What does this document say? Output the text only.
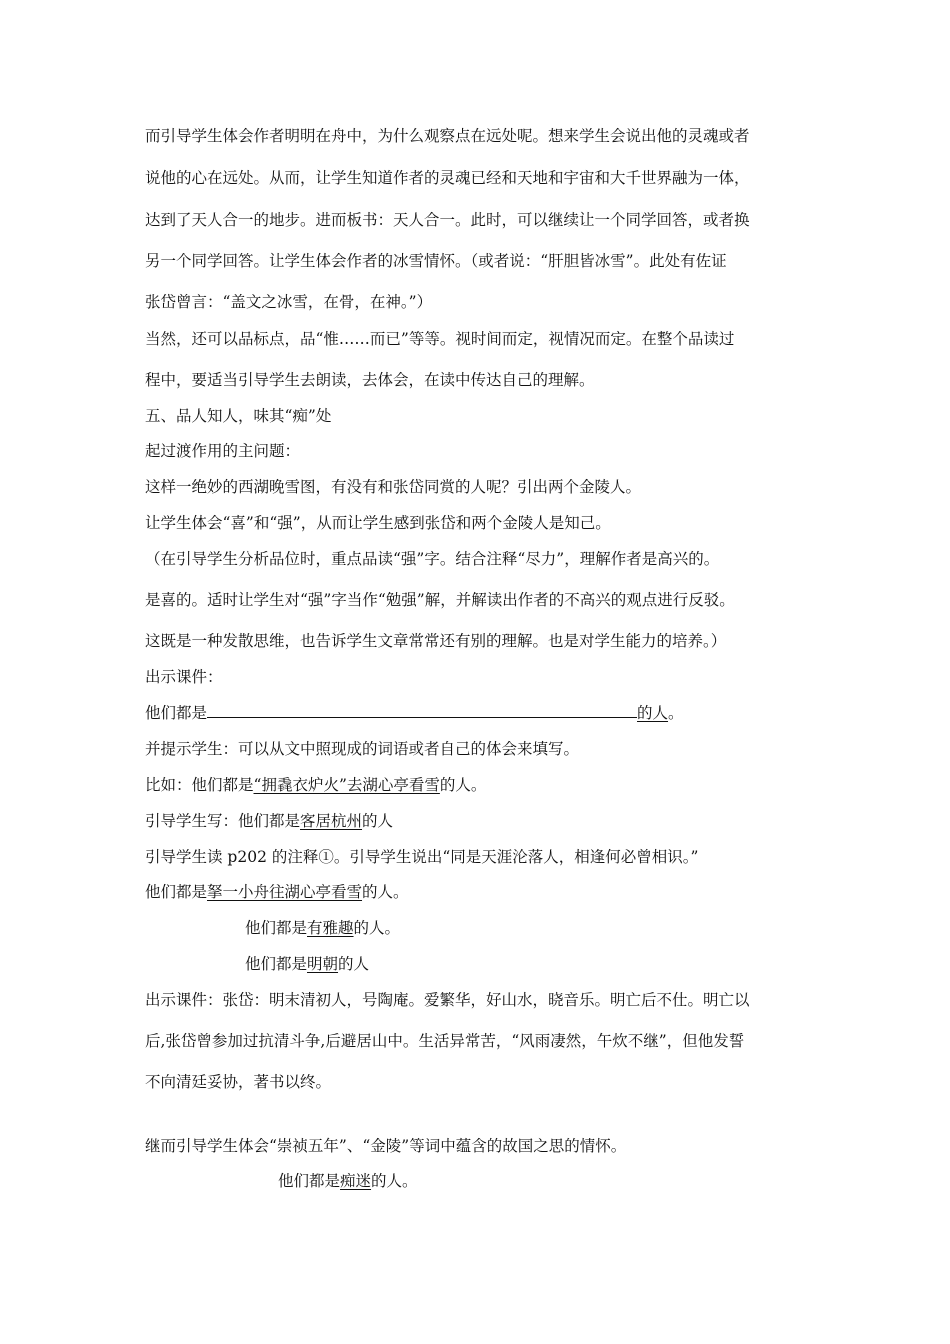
而引导学生体会作者明明在舟中，为什么观察点在远处呢。想来学生会说出他的灵魂或者
说他的心在远处。从而，让学生知道作者的灵魂已经和天地和宇宙和大千世界融为一体，
达到了天人合一的地步。进而板书：天人合一。此时，可以继续让一个同学回答，或者换
另一个同学回答。让学生体会作者的冰雪情怀。（或者说：“肝胆皆冰雪”。此处有佐证
张岱曾言：“盖文之冰雪，在骨，在神。”）
当然，还可以品标点，品“惟……而已”等等。视时间而定，视情况而定。在整个品读过
程中，要适当引导学生去朗读，去体会，在读中传达自己的理解。
五、品人知人，味其“痴”处
起过渡作用的主问题：
这样一绝妙的西湖晚雪图，有没有和张岱同赏的人呢？引出两个金陵人。
让学生体会“喜”和“强”，从而让学生感到张岱和两个金陵人是知己。
（在引导学生分析品位时，重点品读“强”字。结合注释“尽力”，理解作者是高兴的。
是喜的。适时让学生对“强”字当作“勉强”解，并解读出作者的不高兴的观点进行反驳。
这既是一种发散思维，也告诉学生文章常常还有别的理解。也是对学生能力的培养。）
出示课件：
他们都是	的人。
并提示学生：可以从文中照现成的词语或者自己的体会来填写。
比如：他们都是“拥毳衣炉火”去湖心亭看雪的人。
引导学生写：他们都是客居杭州的人
引导学生读 p202 的注释①。引导学生说出“同是天涯沦落人，相逢何必曾相识。”
他们都是拏一小舟往湖心亭看雪的人。
他们都是有雅趣的人。
他们都是明朝的人
出示课件：张岱：明末清初人，号陶庵。爱繁华，好山水，晓音乐。明亡后不仕。明亡以
后,张岱曾参加过抗清斗争,后避居山中。生活异常苦，“风雨凄然，午炊不继”，但他发誓
不向清廷妥协，著书以终。
继而引导学生体会“崇祯五年”、“金陵”等词中蕴含的故国之思的情怀。
他们都是痴迷的人。
